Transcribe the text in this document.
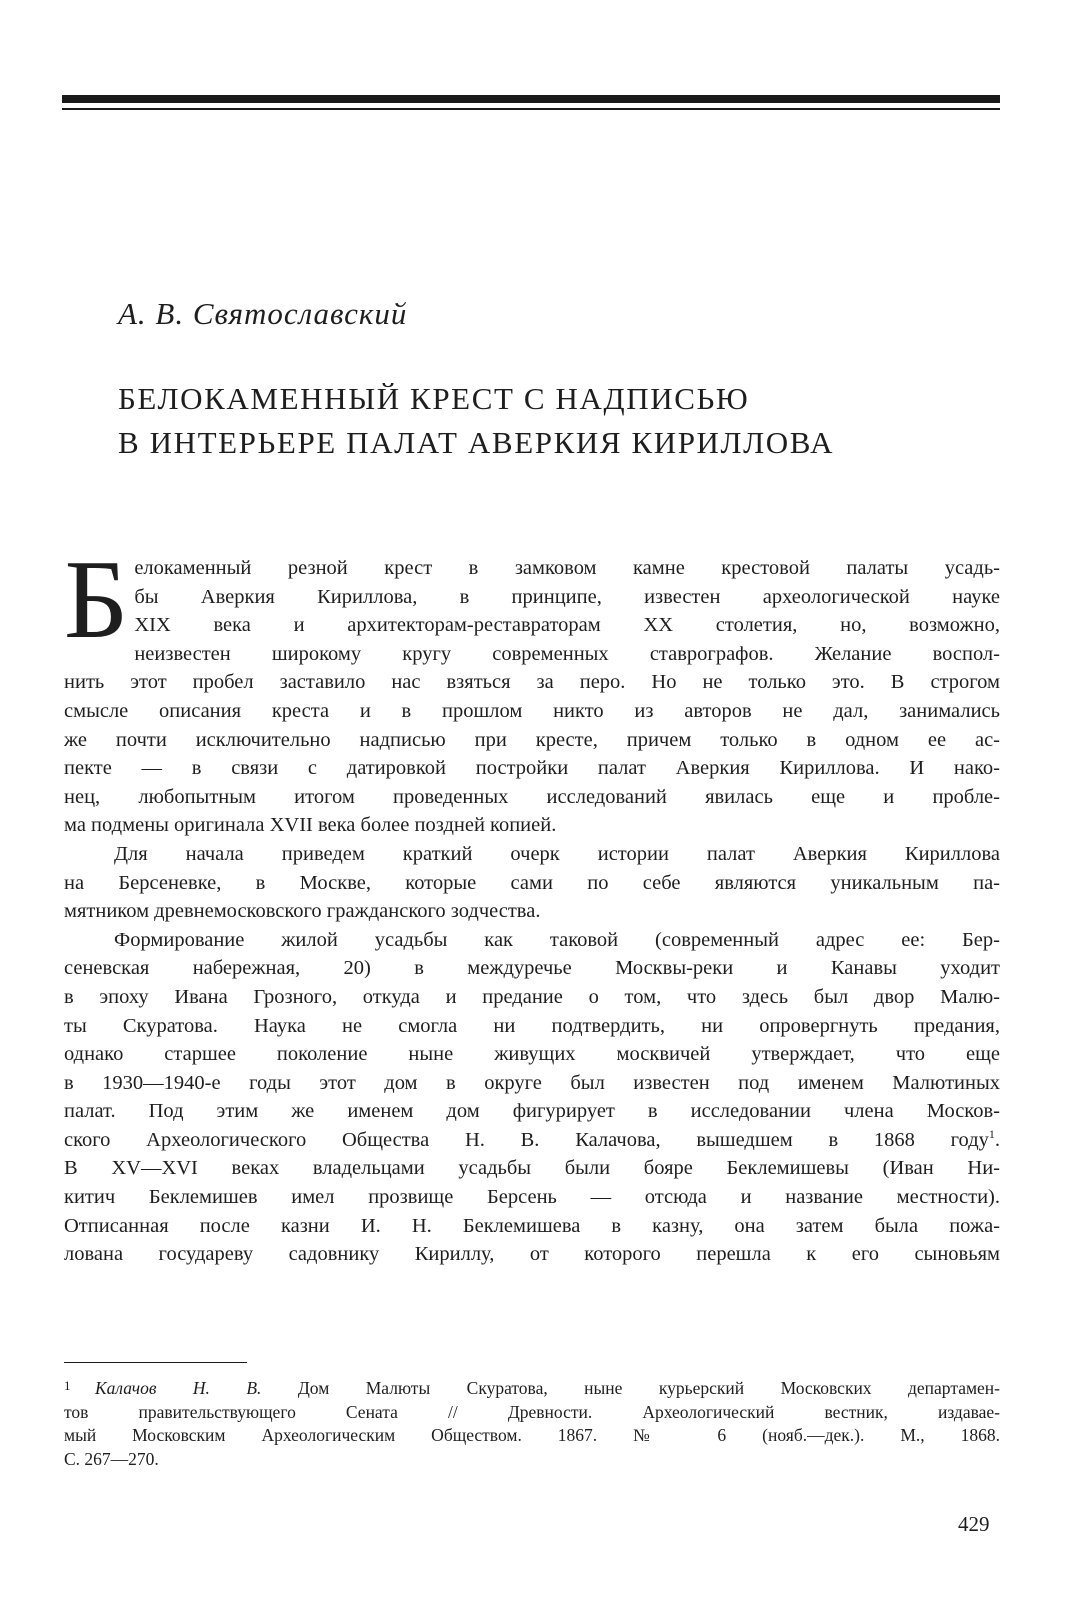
А. В. Святославский

БЕЛОКАМЕННЫЙ КРЕСТ С НАДПИСЬЮ
В ИНТЕРЬЕРЕ ПАЛАТ АВЕРКИЯ КИРИЛЛОВА

Б елокаменный резной крест в замковом камне крестовой палаты усадь-
бы Аверкия Кириллова, в принципе, известен археологической науке
XIX века и архитекторам-реставраторам XX столетия, но, возможно,
неизвестен широкому кругу современных ставрографов. Желание воспол-
нить этот пробел заставило нас взяться за перо. Но не только это. В строгом
смысле описания креста и в прошлом никто из авторов не дал, занимались
же почти исключительно надписью при кресте, причем только в одном ее ас-
пекте — в связи с датировкой постройки палат Аверкия Кириллова. И нако-
нец, любопытным итогом проведенных исследований явилась еще и пробле-
ма подмены оригинала XVII века более поздней копией.

Для начала приведем краткий очерк истории палат Аверкия Кириллова
на Берсеневке, в Москве, которые сами по себе являются уникальным па-
мятником древнемосковского гражданского зодчества.

Формирование жилой усадьбы как таковой (современный адрес ее: Бер-
сеневская набережная, 20) в междуречье Москвы-реки и Канавы уходит
в эпоху Ивана Грозного, откуда и предание о том, что здесь был двор Малю-
ты Скуратова. Наука не смогла ни подтвердить, ни опровергнуть предания,
однако старшее поколение ныне живущих москвичей утверждает, что еще
в 1930—1940-е годы этот дом в округе был известен под именем Малютиных
палат. Под этим же именем дом фигурирует в исследовании члена Москов-
ского Археологического Общества Н. В. Калачова, вышедшем в 1868 году$^1$.
В XV—XVI веках владельцами усадьбы были бояре Беклемишевы (Иван Ни-
китич Беклемишев имел прозвище Берсень — отсюда и название местности).
Отписанная после казни И. Н. Беклемишева в казну, она затем была пожа-
лована государеву садовнику Кириллу, от которого перешла к его сыновьям

1 Калачов Н. В. Дом Малюты Скуратова, ныне курьерский Московских департамен-
тов правительствующего Сената // Древности. Археологический вестник, издавае-
мый Московским Археологическим Обществом. 1867. № 6 (нояб.—дек.). М., 1868.
С. 267—270.
429
